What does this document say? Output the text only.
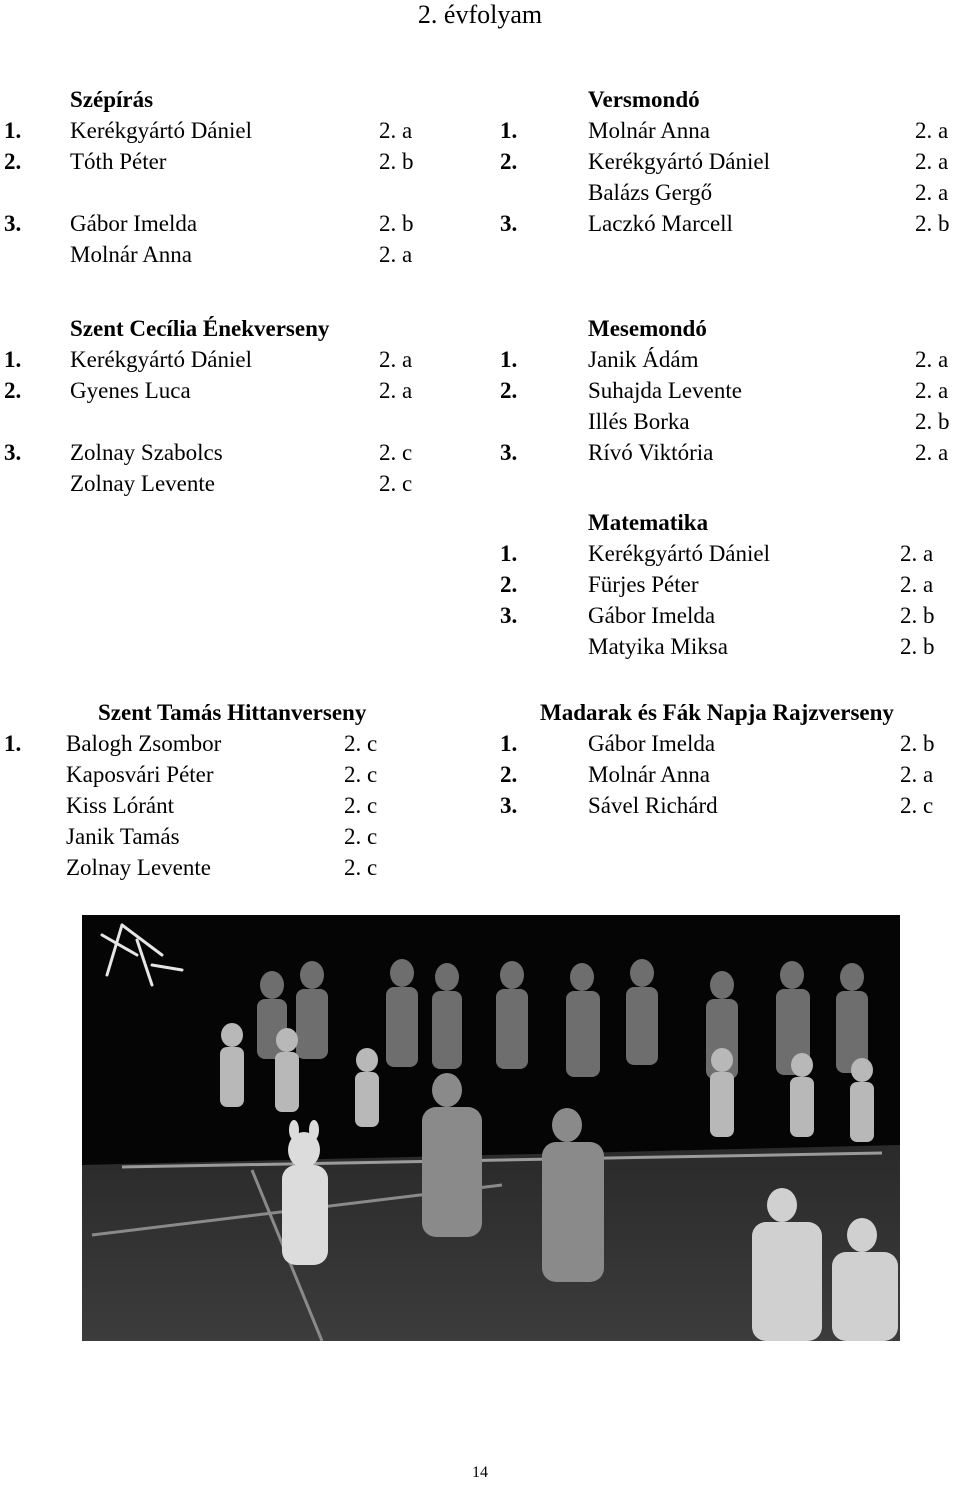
2. évfolyam
Szépírás
1. Kerékgyártó Dániel	2. a
2. Tóth Péter	2. b
3. Gábor Imelda	2. b
Molnár Anna	2. a
Szent Cecília Énekverseny
1. Kerékgyártó Dániel	2. a
2. Gyenes Luca	2. a
3. Zolnay Szabolcs	2. c
Zolnay Levente	2. c
Szent Tamás Hittanverseny
1. Balogh Zsombor	2. c
Kaposvári Péter	2. c
Kiss Lóránt	2. c
Janik Tamás	2. c
Zolnay Levente	2. c
Versmondó
1.	Molnár Anna	2. a
2.	Kerékgyártó Dániel	2. a
Balázs Gergő	2. a
3.	Laczkó Marcell	2. b
Mesemondó
1.	Janik Ádám	2. a
2.	Suhajda Levente	2. a
Illés Borka	2. b
3.	Rívó Viktória	2. a
Matematika
1.	Kerékgyártó Dániel	2. a
2.	Fürjes Péter	2. a
3.	Gábor Imelda	2. b
Matyika Miksa	2. b
Madarak és Fák Napja Rajzverseny
1.	Gábor Imelda	2. b
2.	Molnár Anna	2. a
3.	Sável Richárd	2. c
14
